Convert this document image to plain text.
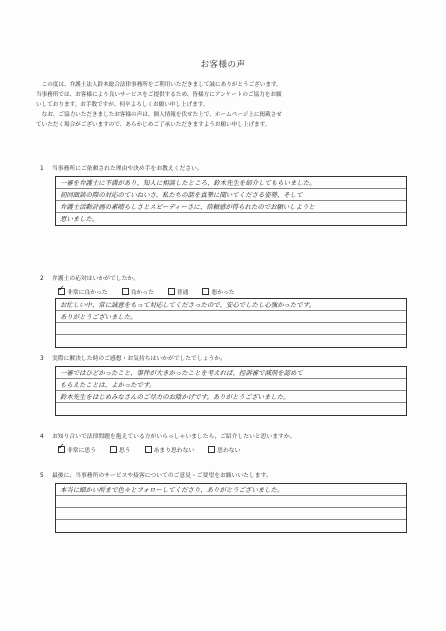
お客様の声
　この度は、弁護士法人鈴木総合法律事務所をご利用いただきまして誠にありがとうございます。
当事務所では、お客様により良いサービスをご提供するため、皆様方にアンケートのご協力をお願
いしております。お手数ですが、何卒よろしくお願い申し上げます。
　なお、ご協力いただきましたお客様の声は、個人情報を伏せた上で、ホームページ上に掲載させ
ていただく場合がございますので、あらかじめご了承いただきますようお願い申し上げます。
1 当事務所にご依頼された理由や決め手をお教えください。
一審を弁護士に不満があり、知人に相談したところ、鈴木先生を紹介してもらいました。
初回面談の際の対応のていねいさ、私たちの話を真摯に聞いてくださる姿勢、そして
弁護士活動計画の素晴らしさとスピーディーさに、信頼感が得られたのでお願いしようと
思いました。
2 弁護士の応対はいかがでしたか。
✓
非常に良かった	良かった	普通	悪かった
お忙しい中、常に誠意をもって対応してくださったので、安心でしたし心強かったです。
ありがとうございました。
3 実際に解決した時のご感想・お気持ちはいかがでしたでしょうか。
一審ではひどかったこと、事件が大きかったことを考えれば、控訴審で減刑を認めて
もらえたことは、よかったです。
鈴木先生をはじめみなさんのご尽力のお陰かげです。ありがとうございました。
4 お知り合いで法律問題を抱えている方がいらっしゃいましたら、ご紹介したいと思いますか。
✓
非常に思う	思う	あまり思わない	思わない
5 最後に、当事務所のサービスや接客についてのご意見・ご要望をお願いいたします。
本当に細かい所まで色々とフォローしてくださり、ありがとうございました。
